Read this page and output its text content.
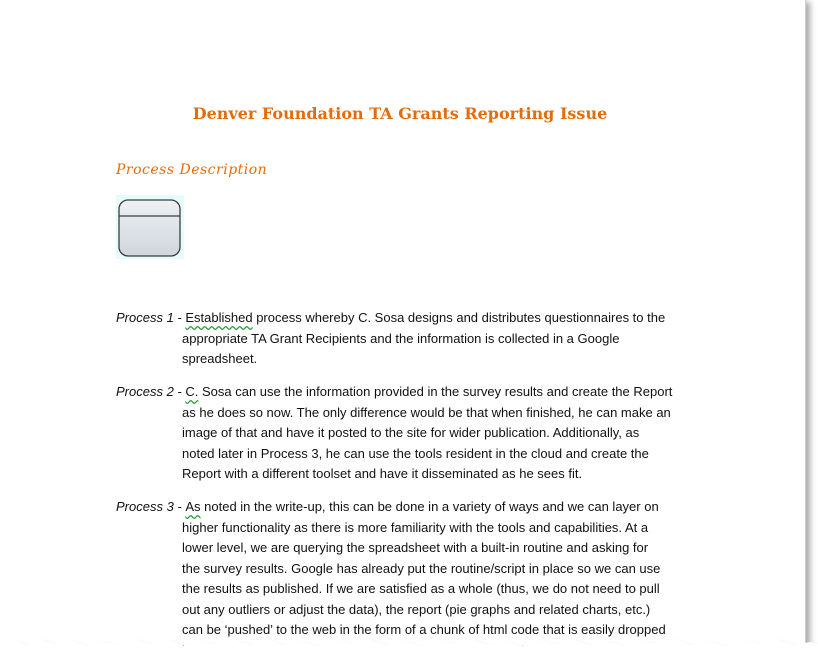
Denver Foundation TA Grants Reporting Issue
Process Description
Process 1 - Established process whereby C. Sosa designs and distributes questionnaires to the
appropriate TA Grant Recipients and the information is collected in a Google
spreadsheet.
Process 2 - C. Sosa can use the information provided in the survey results and create the Report
as he does so now. The only difference would be that when finished, he can make an
image of that and have it posted to the site for wider publication. Additionally, as
noted later in Process 3, he can use the tools resident in the cloud and create the
Report with a different toolset and have it disseminated as he sees fit.
Process 3 - As noted in the write-up, this can be done in a variety of ways and we can layer on
higher functionality as there is more familiarity with the tools and capabilities. At a
lower level, we are querying the spreadsheet with a built-in routine and asking for
the survey results. Google has already put the routine/script in place so we can use
the results as published. If we are satisfied as a whole (thus, we do not need to pull
out any outliers or adjust the data), the report (pie graphs and related charts, etc.)
can be ‘pushed’ to the web in the form of a chunk of html code that is easily dropped
